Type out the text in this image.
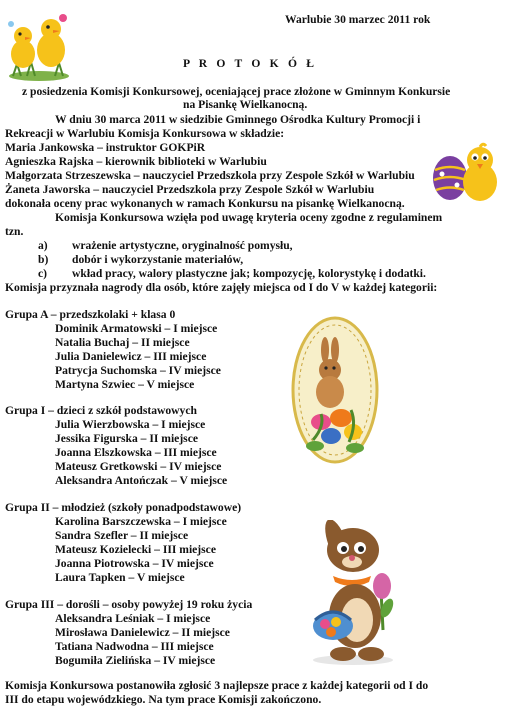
Warlubie 30 marzec 2011 rok
P R O T O K Ó Ł
z posiedzenia Komisji Konkursowej, oceniającej prace złożone w Gminnym Konkursie
na Pisankę Wielkanocną.
W dniu 30 marca 2011 w siedzibie Gminnego Ośrodka Kultury Promocji i
Rekreacji w Warlubiu Komisja Konkursowa w składzie:
Maria Jankowska – instruktor GOKPiR
Agnieszka Rajska – kierownik biblioteki w Warlubiu
Małgorzata Strzeszewska – nauczyciel Przedszkola przy Zespole Szkół w Warlubiu
Żaneta Jaworska – nauczyciel Przedszkola przy Zespole Szkół w Warlubiu
dokonała oceny prac wykonanych w ramach Konkursu na pisankę Wielkanocną.
Komisja Konkursowa wzięła pod uwagę kryteria oceny zgodne z regulaminem
tzn.
a) wrażenie artystyczne, oryginalność pomysłu,
b) dobór i wykorzystanie materiałów,
c) wkład pracy, walory plastyczne jak; kompozycję, kolorystykę i dodatki.
Komisja przyznała nagrody dla osób, które zajęły miejsca od I do V w każdej kategorii:
Grupa A – przedszkolaki + klasa 0
Dominik Armatowski – I miejsce
Natalia Buchaj – II miejsce
Julia Danielewicz – III miejsce
Patrycja Suchomska – IV miejsce
Martyna Szwiec – V miejsce
Grupa I – dzieci z szkół podstawowych
Julia Wierzbowska – I miejsce
Jessika Figurska – II miejsce
Joanna Elszkowska – III miejsce
Mateusz Gretkowski – IV miejsce
Aleksandra Antończak – V miejsce
Grupa II – młodzież (szkoły ponadpodstawowe)
Karolina Barszczewska – I miejsce
Sandra Szefler – II miejsce
Mateusz Kozielecki – III miejsce
Joanna Piotrowska – IV miejsce
Laura Tapken – V miejsce
Grupa III – dorośli – osoby powyżej 19 roku życia
Aleksandra Leśniak – I miejsce
Mirosława Danielewicz – II miejsce
Tatiana Nadwodna – III miejsce
Bogumiła Zielińska – IV miejsce
Komisja Konkursowa postanowiła zgłosić 3 najlepsze prace z każdej kategorii od I do
III do etapu wojewódzkiego. Na tym prace Komisji zakończono.
